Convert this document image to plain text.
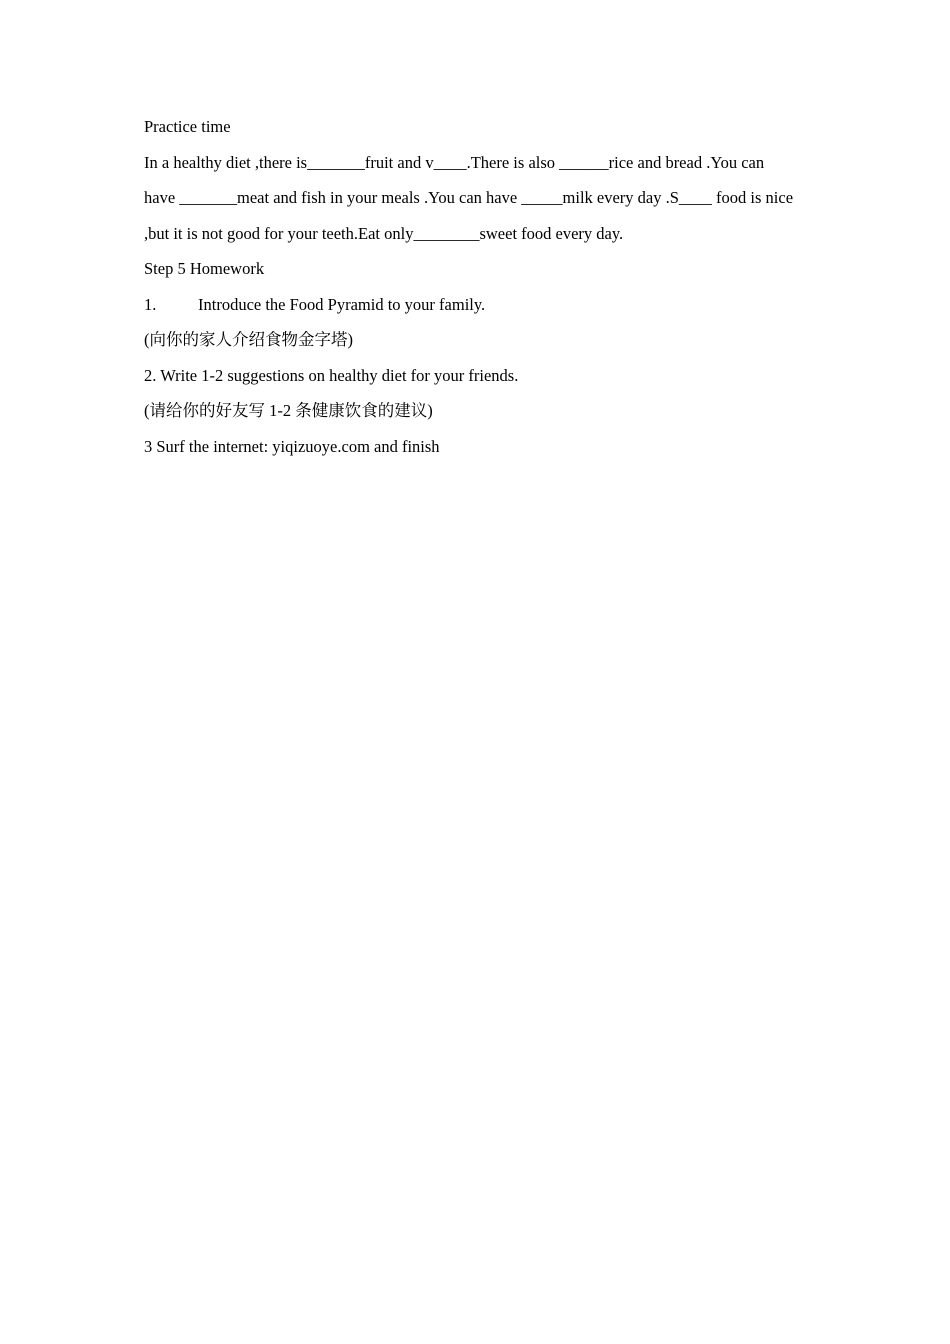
Practice time

In a healthy diet ,there is_______fruit and v____.There is also ______rice and bread .You can

have _______meat and fish in your meals .You can have _____milk every day .S____ food is nice

,but it is not good for your teeth.Eat only________sweet food every day.

Step 5 Homework

1.	Introduce the Food Pyramid to your family.

(向你的家人介绍食物金字塔)

2. Write 1-2 suggestions on healthy diet for your friends.

(请给你的好友写 1-2 条健康饮食的建议)

3 Surf the internet: yiqizuoye.com and finish
